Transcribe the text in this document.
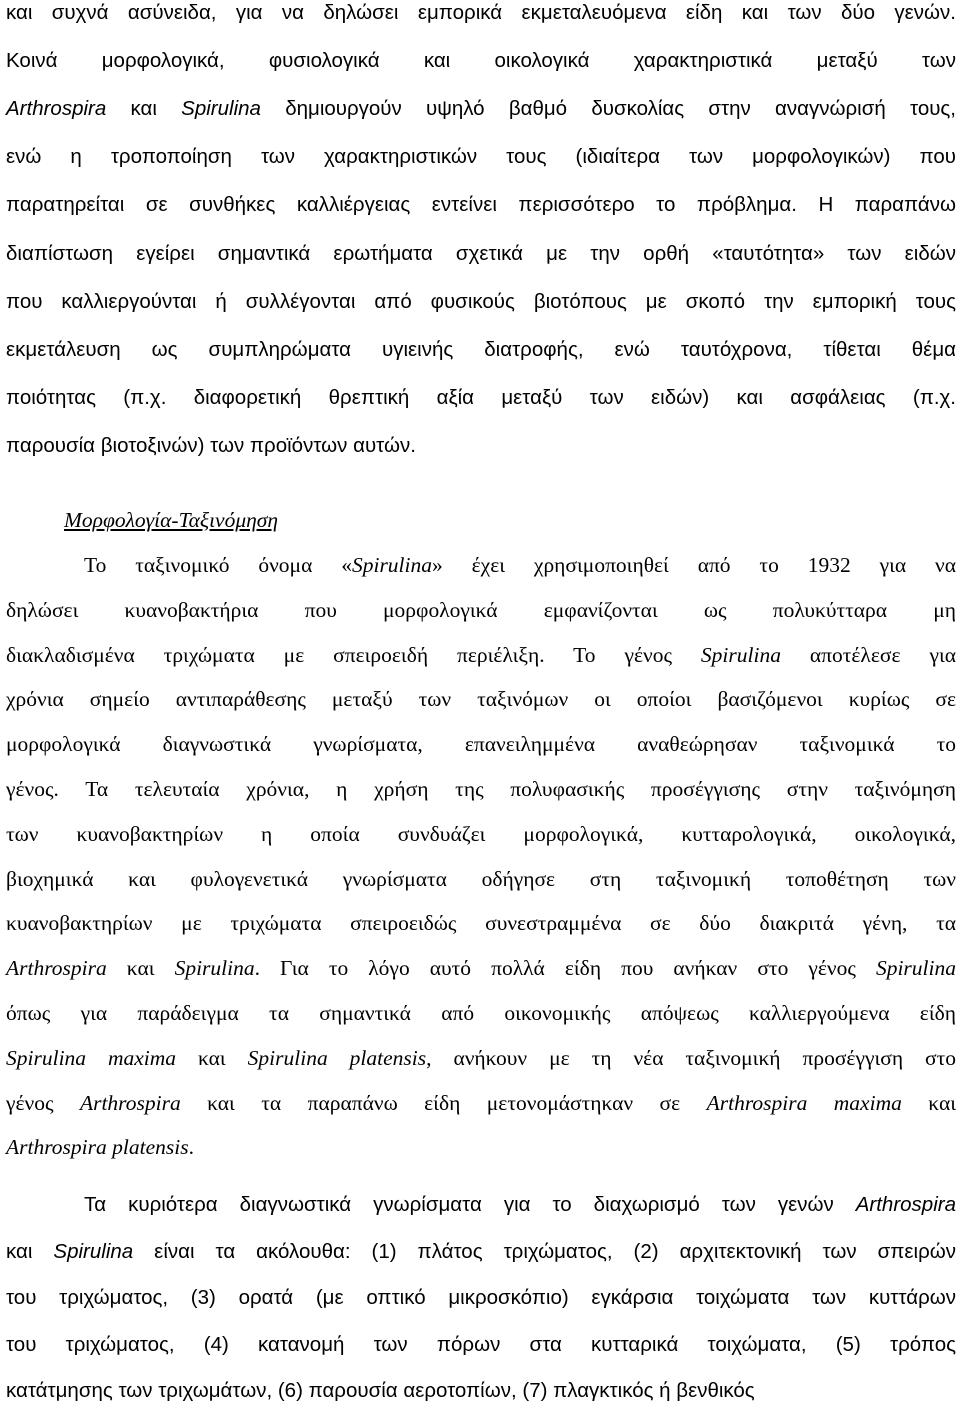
και συχνά ασύνειδα, για να δηλώσει εμπορικά εκμεταλευόμενα είδη και των δύο γενών.
Κοινά μορφολογικά, φυσιολογικά και οικολογικά χαρακτηριστικά μεταξύ των
Arthrospira και Spirulina δημιουργούν υψηλό βαθμό δυσκολίας στην αναγνώρισή τους,
ενώ η τροποποίηση των χαρακτηριστικών τους (ιδιαίτερα των μορφολογικών) που
παρατηρείται σε συνθήκες καλλιέργειας εντείνει περισσότερο το πρόβλημα. Η παραπάνω
διαπίστωση εγείρει σημαντικά ερωτήματα σχετικά με την ορθή «ταυτότητα» των ειδών
που καλλιεργούνται ή συλλέγονται από φυσικούς βιοτόπους με σκοπό την εμπορική τους
εκμετάλευση ως συμπληρώματα υγιεινής διατροφής, ενώ ταυτόχρονα, τίθεται θέμα
ποιότητας (π.χ. διαφορετική θρεπτική αξία μεταξύ των ειδών) και ασφάλειας (π.χ.
παρουσία βιοτοξινών) των προϊόντων αυτών.
Μορφολογία-Ταξινόμηση
Το ταξινομικό όνομα «Spirulina» έχει χρησιμοποιηθεί από το 1932 για να
δηλώσει κυανοβακτήρια που μορφολογικά εμφανίζονται ως πολυκύτταρα μη
διακλαδισμένα τριχώματα με σπειροειδή περιέλιξη. Το γένος Spirulina αποτέλεσε για
χρόνια σημείο αντιπαράθεσης μεταξύ των ταξινόμων οι οποίοι βασιζόμενοι κυρίως σε
μορφολογικά διαγνωστικά γνωρίσματα, επανειλημμένα αναθεώρησαν ταξινομικά το
γένος. Τα τελευταία χρόνια, η χρήση της πολυφασικής προσέγγισης στην ταξινόμηση
των κυανοβακτηρίων η οποία συνδυάζει μορφολογικά, κυτταρολογικά, οικολογικά,
βιοχημικά και φυλογενετικά γνωρίσματα οδήγησε στη ταξινομική τοποθέτηση των
κυανοβακτηρίων με τριχώματα σπειροειδώς συνεστραμμένα σε δύο διακριτά γένη, τα
Arthrospira και Spirulina. Για το λόγο αυτό πολλά είδη που ανήκαν στο γένος Spirulina
όπως για παράδειγμα τα σημαντικά από οικονομικής απόψεως καλλιεργούμενα είδη
Spirulina maxima και Spirulina platensis, ανήκουν με τη νέα ταξινομική προσέγγιση στο
γένος Arthrospira και τα παραπάνω είδη μετονομάστηκαν σε Arthrospira maxima και
Arthrospira platensis.
Τα κυριότερα διαγνωστικά γνωρίσματα για το διαχωρισμό των γενών Arthrospira
και Spirulina είναι τα ακόλουθα: (1) πλάτος τριχώματος, (2) αρχιτεκτονική των σπειρών
του τριχώματος, (3) ορατά (με οπτικό μικροσκόπιο) εγκάρσια τοιχώματα των κυττάρων
του τριχώματος, (4) κατανομή των πόρων στα κυτταρικά τοιχώματα, (5) τρόπος
κατάτμησης των τριχωμάτων, (6) παρουσία αεροτοπίων, (7) πλαγκτικός ή βενθικός
